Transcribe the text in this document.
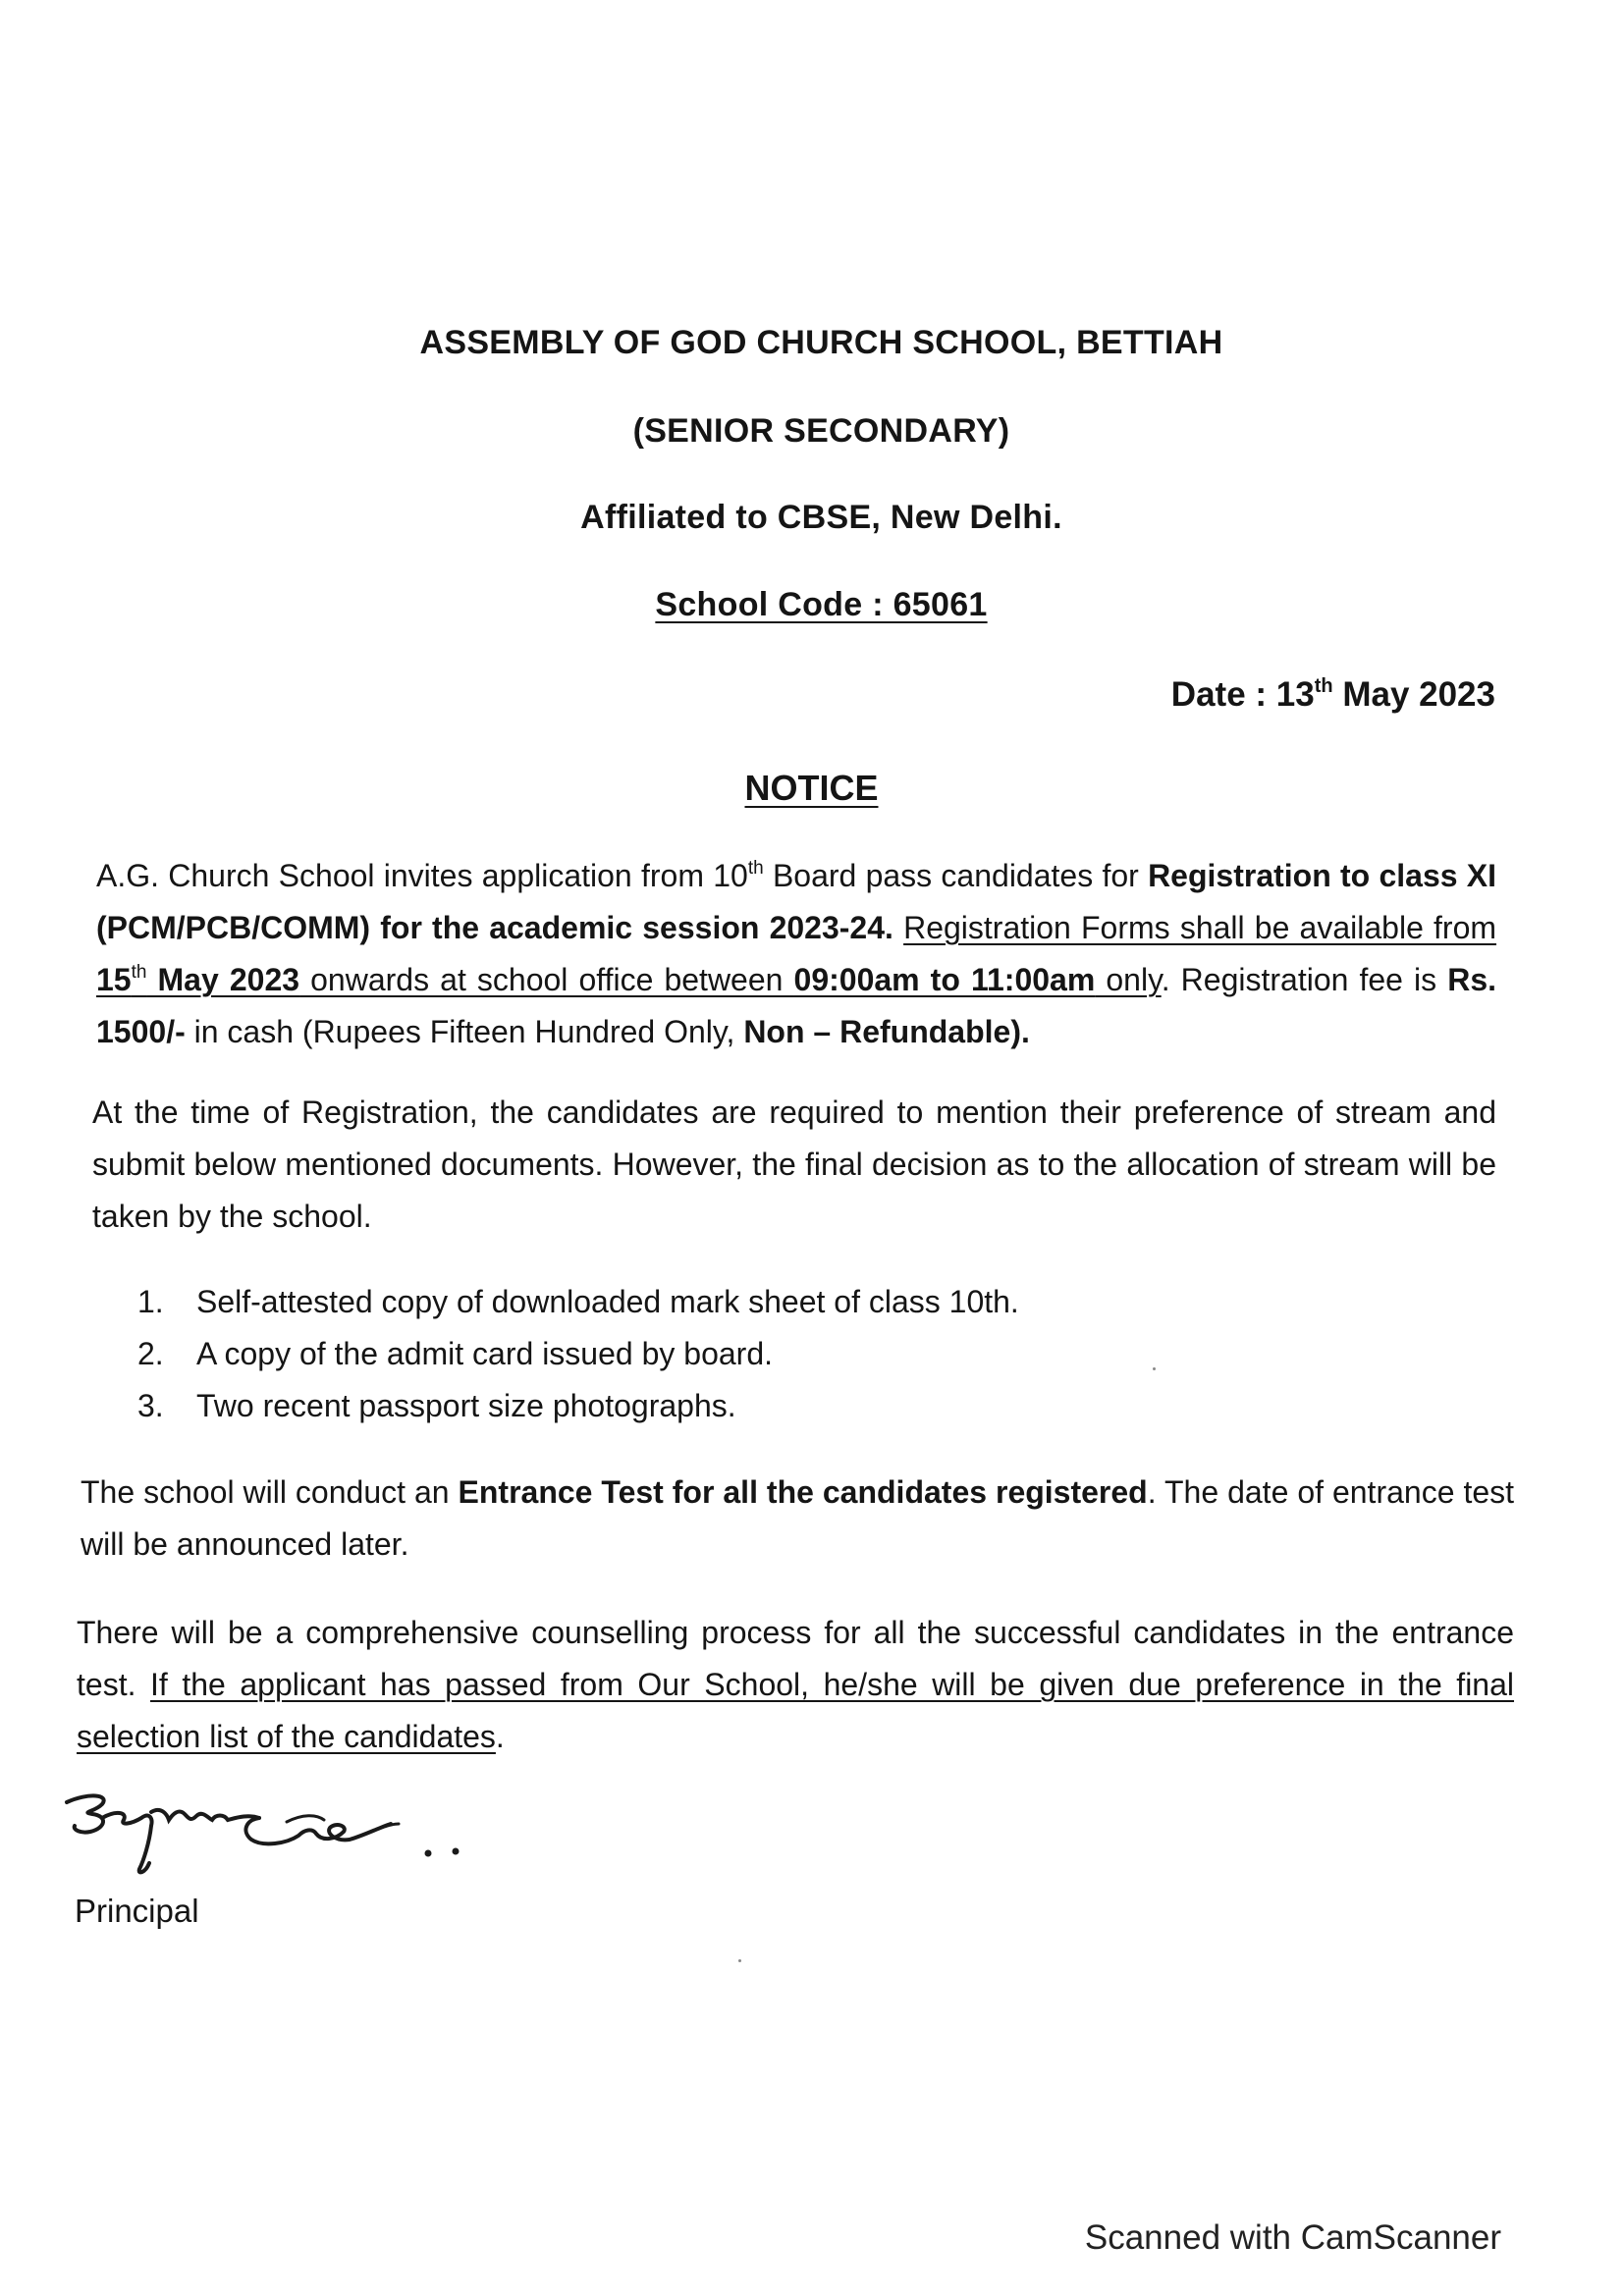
ASSEMBLY OF GOD CHURCH SCHOOL, BETTIAH
(SENIOR SECONDARY)
Affiliated to CBSE, New Delhi.
School Code : 65061
Date : 13th May 2023
NOTICE
A.G. Church School invites application from 10th Board pass candidates for Registration to class XI (PCM/PCB/COMM) for the academic session 2023-24. Registration Forms shall be available from 15th May 2023 onwards at school office between 09:00am to 11:00am only. Registration fee is Rs. 1500/- in cash (Rupees Fifteen Hundred Only, Non – Refundable).
At the time of Registration, the candidates are required to mention their preference of stream and submit below mentioned documents. However, the final decision as to the allocation of stream will be taken by the school.
1.	Self-attested copy of downloaded mark sheet of class 10th.
2.	A copy of the admit card issued by board.
3.	Two recent passport size photographs.
The school will conduct an Entrance Test for all the candidates registered. The date of entrance test will be announced later.
There will be a comprehensive counselling process for all the successful candidates in the entrance test. If the applicant has passed from Our School, he/she will be given due preference in the final selection list of the candidates.
Principal
Scanned with CamScanner
